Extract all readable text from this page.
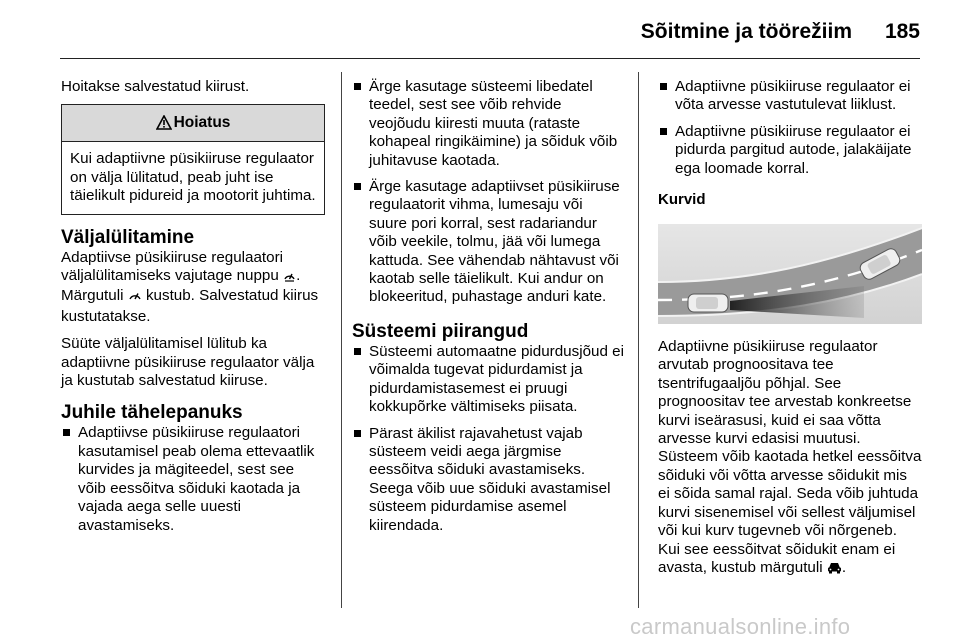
Sõitmine ja töörežiim 185

Hoitakse salvestatud kiirust.

Hoiatus
Kui adaptiivne püsikiiruse regulaator on välja lülitatud, peab juht ise täielikult pidureid ja mootorit juhtima.
Väljalülitamine

Adaptiivse püsikiiruse regulaatori väljalülitamiseks vajutage nuppu . Märgutuli kustub. Salvestatud kiirus kustutatakse.

Süüte väljalülitamisel lülitub ka adaptiivne püsikiiruse regulaator välja ja kustutab salvestatud kiiruse.

Juhile tähelepanuks
Adaptiivse püsikiiruse regulaatori kasutamisel peab olema ettevaatlik kurvides ja mägiteedel, sest see võib eessõitva sõiduki kaotada ja vajada aega selle uuesti avastamiseks.
Ärge kasutage süsteemi libedatel teedel, sest see võib rehvide veojõudu kiiresti muuta (rataste kohapeal ringikäimine) ja sõiduk võib juhitavuse kaotada.
Ärge kasutage adaptiivset püsikiiruse regulaatorit vihma, lumesaju või suure pori korral, sest radariandur võib veekile, tolmu, jää või lumega kattuda. See vähendab nähtavust või kaotab selle täielikult. Kui andur on blokeeritud, puhastage anduri kate.
Süsteemi piirangud
Süsteemi automaatne pidurdusjõud ei võimalda tugevat pidurdamist ja pidurdamistasemest ei pruugi kokkupõrke vältimiseks piisata.
Pärast äkilist rajavahetust vajab süsteem veidi aega järgmise eessõitva sõiduki avastamiseks. Seega võib uue sõiduki avastamisel süsteem pidurdamise asemel kiirendada.
Adaptiivne püsikiiruse regulaator ei võta arvesse vastutulevat liiklust.
Adaptiivne püsikiiruse regulaator ei pidurda pargitud autode, jalakäijate ega loomade korral.
Kurvid

Adaptiivne püsikiiruse regulaator arvutab prognoositava tee tsentrifugaaljõu põhjal. See prognoositav tee arvestab konkreetse kurvi iseärasusi, kuid ei saa võtta arvesse kurvi edasisi muutusi. Süsteem võib kaotada hetkel eessõitva sõiduki või võtta arvesse sõidukit mis ei sõida samal rajal. Seda võib juhtuda kurvi sisenemisel või sellest väljumisel või kui kurv tugevneb või nõrgeneb. Kui see eessõitvat sõidukit enam ei avasta, kustub märgutuli .

carmanualsonline.info
